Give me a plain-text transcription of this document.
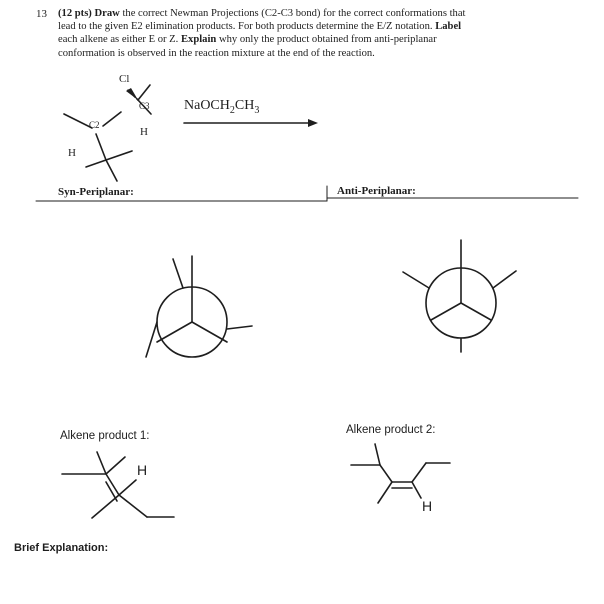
13 (12 pts) Draw the correct Newman Projections (C2-C3 bond) for the correct conformations that
lead to the given E2 elimination products. For both products determine the E/Z notation. Label
each alkene as either E or Z. Explain why only the product obtained from anti-periplanar
conformation is observed in the reaction mixture at the end of the reaction.
Cl
C3
C2
H
H
$NaOCH_2CH_3$
Syn-Periplanar:	Anti-Periplanar:
Alkene product 1:	Alkene product 2:
Brief Explanation:
H
H
